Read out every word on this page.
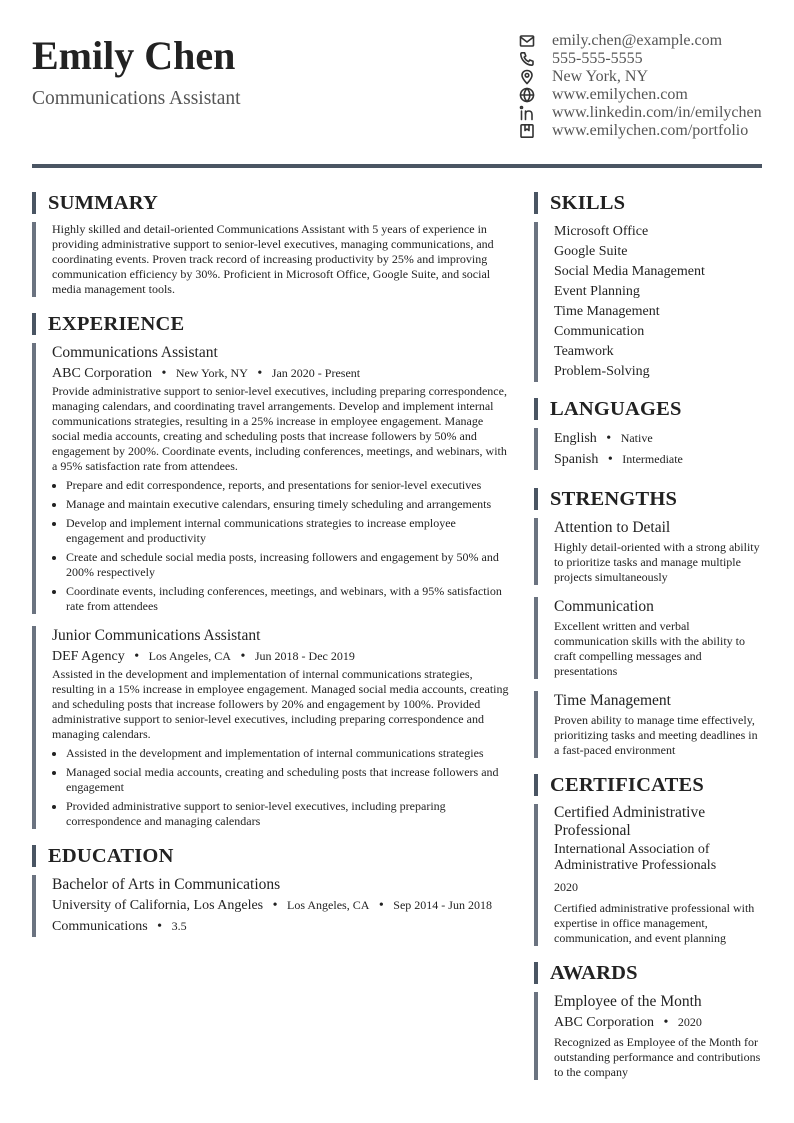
Emily Chen
Communications Assistant
emily.chen@example.com
555-555-5555
New York, NY
www.emilychen.com
www.linkedin.com/in/emilychen
www.emilychen.com/portfolio
SUMMARY
Highly skilled and detail-oriented Communications Assistant with 5 years of experience in providing administrative support to senior-level executives, managing communications, and coordinating events. Proven track record of increasing productivity by 25% and improving communication efficiency by 30%. Proficient in Microsoft Office, Google Suite, and social media management tools.
EXPERIENCE
Communications Assistant
ABC Corporation • New York, NY • Jan 2020 - Present
Provide administrative support to senior-level executives, including preparing correspondence, managing calendars, and coordinating travel arrangements. Develop and implement internal communications strategies, resulting in a 25% increase in employee engagement. Manage social media accounts, creating and scheduling posts that increase followers by 50% and engagement by 200%. Coordinate events, including conferences, meetings, and webinars, with a 95% satisfaction rate from attendees.
• Prepare and edit correspondence, reports, and presentations for senior-level executives
• Manage and maintain executive calendars, ensuring timely scheduling and arrangements
• Develop and implement internal communications strategies to increase employee engagement and productivity
• Create and schedule social media posts, increasing followers and engagement by 50% and 200% respectively
• Coordinate events, including conferences, meetings, and webinars, with a 95% satisfaction rate from attendees
Junior Communications Assistant
DEF Agency • Los Angeles, CA • Jun 2018 - Dec 2019
Assisted in the development and implementation of internal communications strategies, resulting in a 15% increase in employee engagement. Managed social media accounts, creating and scheduling posts that increase followers by 20% and engagement by 100%. Provided administrative support to senior-level executives, including preparing correspondence and managing calendars.
• Assisted in the development and implementation of internal communications strategies
• Managed social media accounts, creating and scheduling posts that increase followers and engagement
• Provided administrative support to senior-level executives, including preparing correspondence and managing calendars
EDUCATION
Bachelor of Arts in Communications
University of California, Los Angeles • Los Angeles, CA • Sep 2014 - Jun 2018
Communications • 3.5
SKILLS
Microsoft Office
Google Suite
Social Media Management
Event Planning
Time Management
Communication
Teamwork
Problem-Solving
LANGUAGES
English • Native
Spanish • Intermediate
STRENGTHS
Attention to Detail
Highly detail-oriented with a strong ability to prioritize tasks and manage multiple projects simultaneously
Communication
Excellent written and verbal communication skills with the ability to craft compelling messages and presentations
Time Management
Proven ability to manage time effectively, prioritizing tasks and meeting deadlines in a fast-paced environment
CERTIFICATES
Certified Administrative Professional
International Association of Administrative Professionals
2020
Certified administrative professional with expertise in office management, communication, and event planning
AWARDS
Employee of the Month
ABC Corporation • 2020
Recognized as Employee of the Month for outstanding performance and contributions to the company
